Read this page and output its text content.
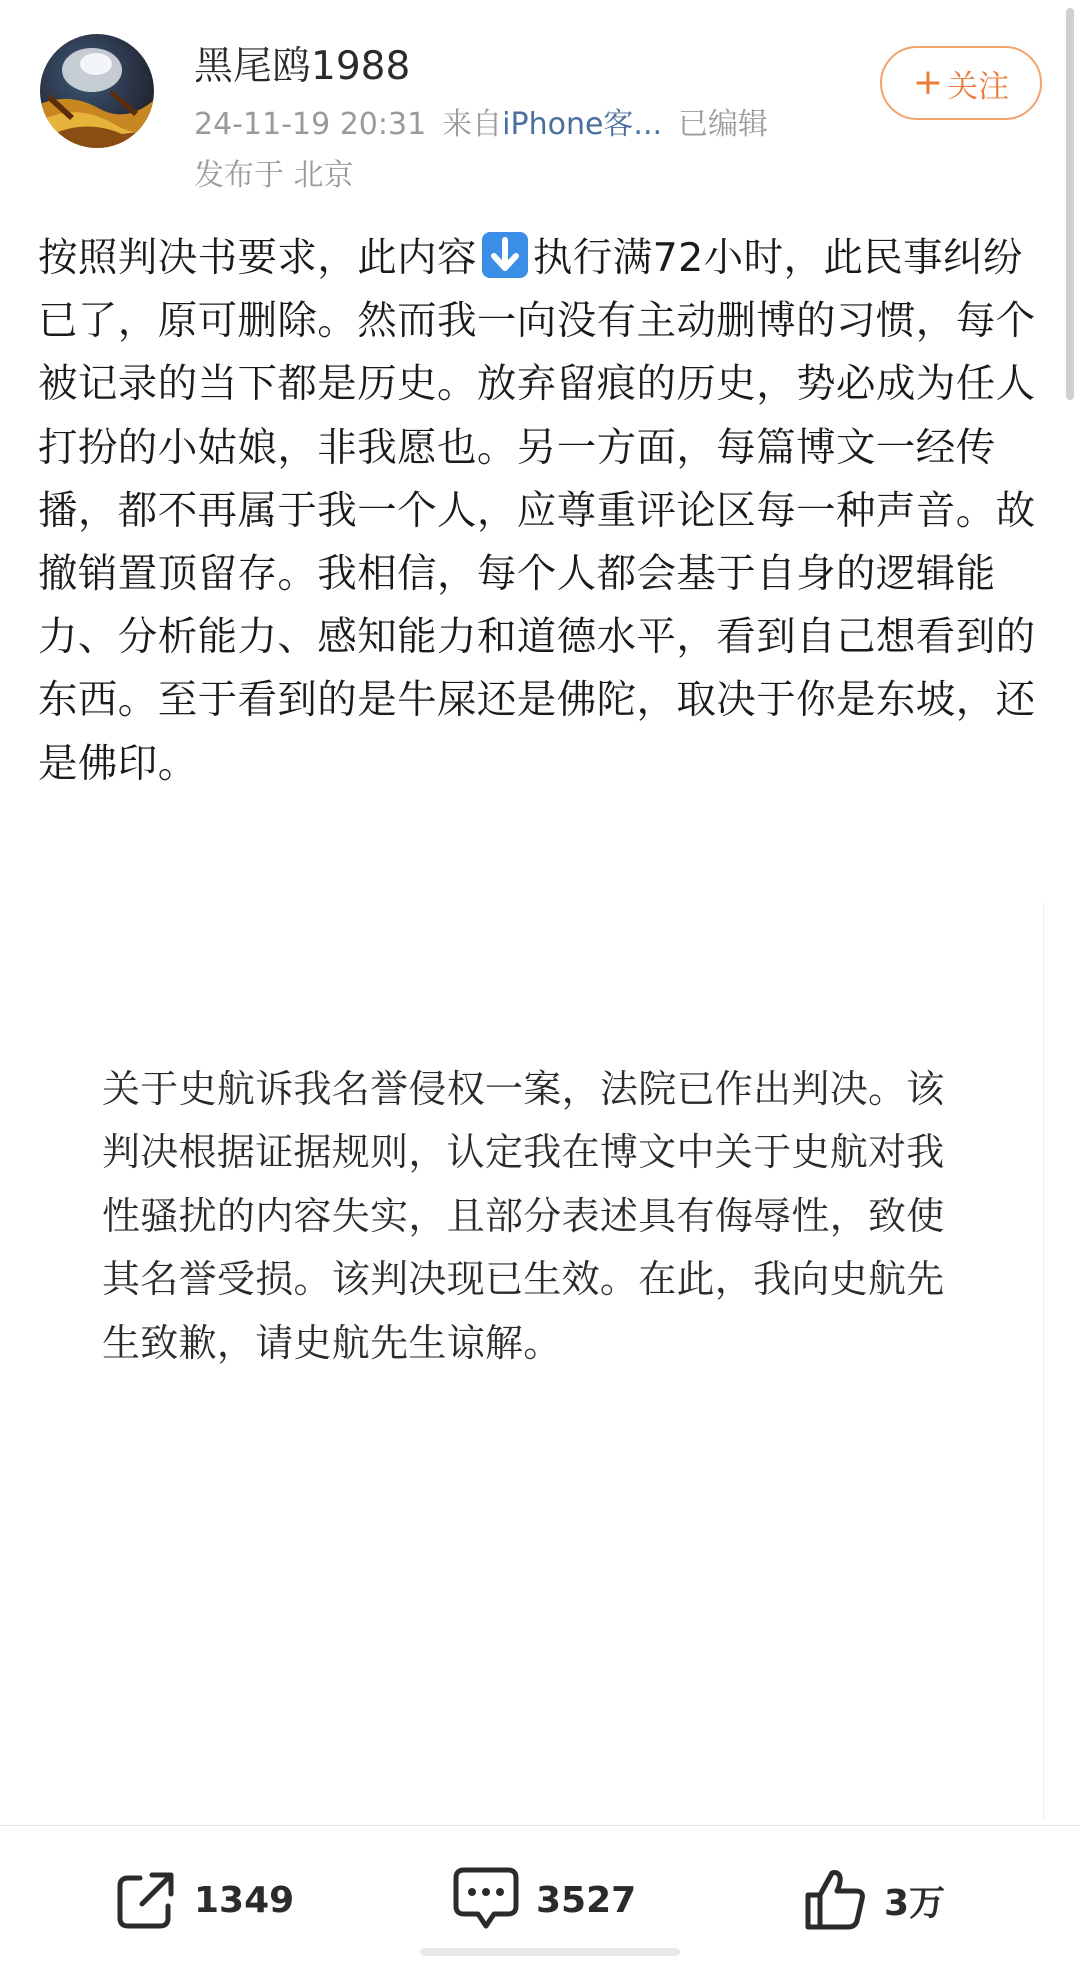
黑尾鸥1988
24-11-19 20:31 来自iPhone客... 已编辑
发布于 北京
+ 关注
按照判决书要求，此内容 执行满72小时，此民事纠纷已了，原可删除。然而我一向没有主动删博的习惯，每个被记录的当下都是历史。放弃留痕的历史，势必成为任人打扮的小姑娘，非我愿也。另一方面，每篇博文一经传播，都不再属于我一个人，应尊重评论区每一种声音。故撤销置顶留存。我相信，每个人都会基于自身的逻辑能力、分析能力、感知能力和道德水平，看到自己想看到的东西。至于看到的是牛屎还是佛陀，取决于你是东坡，还是佛印。
关于史航诉我名誉侵权一案，法院已作出判决。该判决根据证据规则，认定我在博文中关于史航对我性骚扰的内容失实，且部分表述具有侮辱性，致使其名誉受损。该判决现已生效。在此，我向史航先生致歉，请史航先生谅解。
1349	3527	3万
